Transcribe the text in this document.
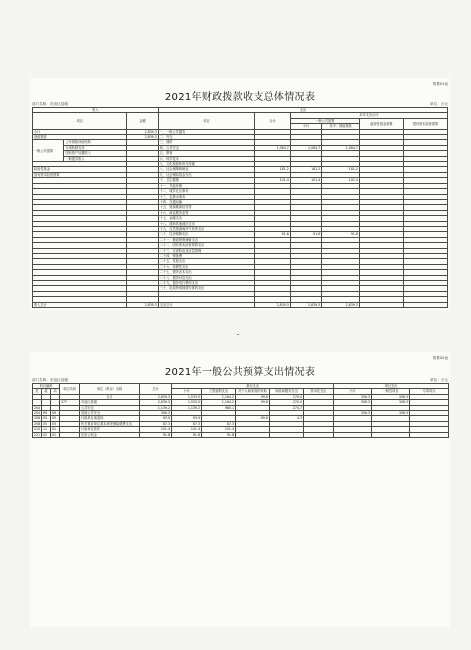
预算01表
2021年财政拨款收支总体情况表
部门名称：市直区县级	单位：万元
收入			支出					
项目		金额	项目	合计	本年支出合计			
					一般公共预算		政府性基金预算	国有资本经营预算
					小计	其中：财政拨款		
小计		2,839.3	一、一般公共服务					
财政拨款		2,839.3	二、外交					
一般公共预算	上年财政补助结转		三、国防					
	专项转移支付		四、公共安全	1,064.7	1,064.7	1,064.7		
	国有资产处置收入		五、教育					
	一般债券收入		六、科学技术					
			七、文化旅游体育与传媒					
政府性基金			八、社会保障和就业	181.2	181.2	181.2		
国有资本经营预算			九、社会保险基金支出					
			十、卫生健康	101.4	101.4	101.4		
			十一、节能环保					
			十二、城乡社区事务					
			十三、农林水事务					
			十四、交通运输					
			十五、资源勘探信息等					
			十六、商业服务业等					
			十七、金融支出					
			十八、援助其他地区支出					
			十九、自然资源海洋气象等支出					
			二十、住房保障支出	91.8	91.8	91.8		
			二十一、粮油物资储备支出					
			二十二、国有资本经营预算支出					
			二十三、灾害防治及应急管理					
			二十四、预备费					
			二十五、其他支出					
			二十六、转移性支出					
			二十七、债务还本支出					
			二十八、债务付息支出					
			二十九、债务发行费用支出					
			三十、抗疫特别国债安排的支出					

收入总计		2,839.3	支出总计	2,839.3	2,839.3	2,839.3		
预算02表
2021年一般公共预算支出情况表
部门名称：市直区县级	单位：万元
科目编码			单位代码	单位（科目）名称	总计	基本支出					项目支出		
类	款	项				小计	工资福利支出	对个人和家庭的补助	商品和服务支出	资本性支出	小计	一般性项目	专项项目

				合计	2,839.3	1,533.0	1,164.2	99.6	270.0		306.3	306.3	
			377	市直区县级	2,839.3	1,533.0	1,164.2	99.6	270.0		306.3	306.3	
204				公共安全	1,139.2	1,139.2	985.1		274.7				
204	99	99		其他公共安全	306.3						306.3	306.3	
208	05	05		行政单位离退休	93.9	93.9		89.6	4.3				
208	05	05		机关事业单位基本养老保险缴费支出	87.3	87.3	87.3						
210	11	01		行政单位医疗	101.4	101.4	101.4						
221	02	01		住房公积金	91.8	91.8	91.8						
